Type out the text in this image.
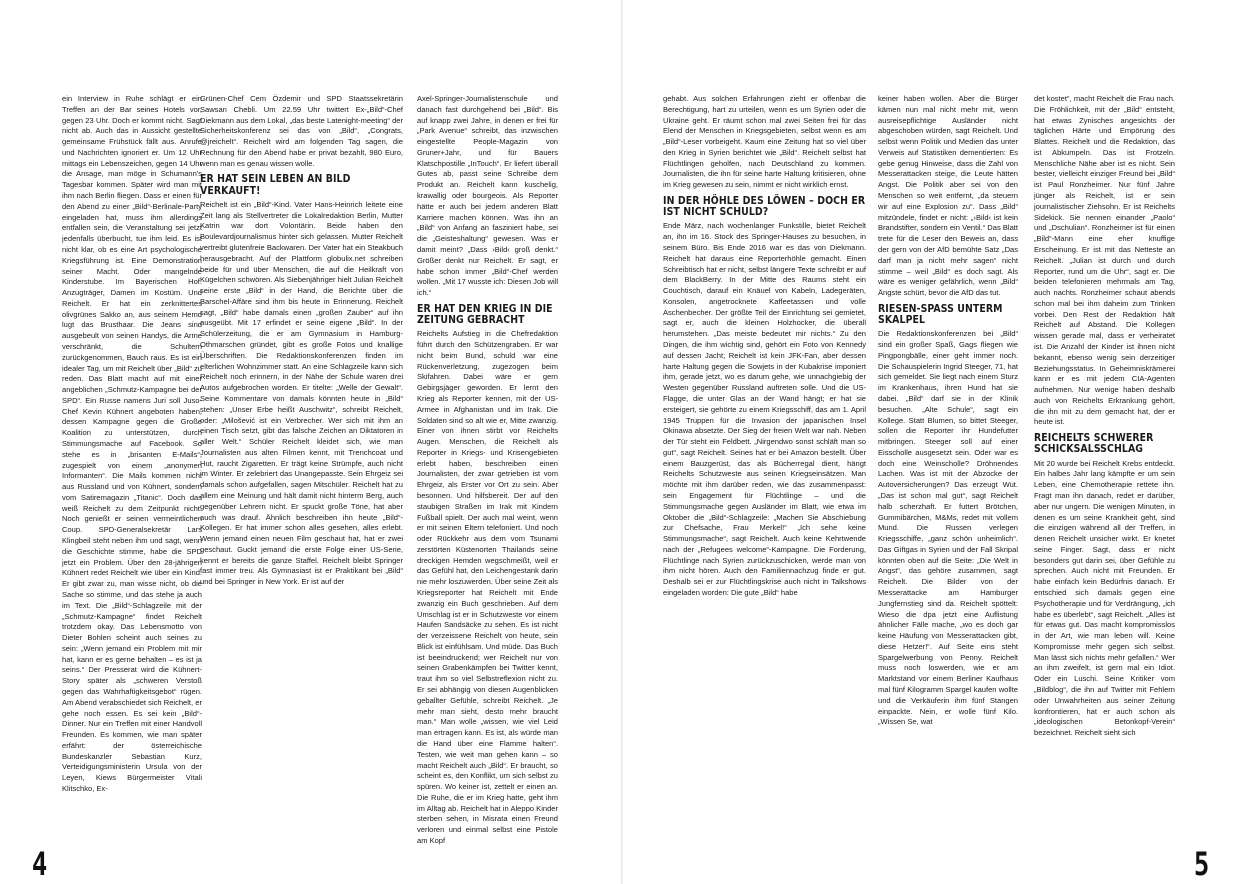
ein Interview in Ruhe schlägt er ein Treffen an der Bar seines Hotels vor, gegen 23 Uhr. Doch er kommt nicht. Sagt nicht ab. Auch das in Aussicht gestellte gemeinsame Frühstück fällt aus. Anrufe und Nachrichten ignoriert er. Um 12 Uhr mittags ein Lebenszeichen, gegen 14 Uhr die Ansage, man möge in Schumann's Tagesbar kommen. Später wird man mit ihm nach Berlin fliegen. Dass er einen für den Abend zu einer „Bild“-Berlinale-Party eingeladen hat, muss ihm allerdings entfallen sein, die Veranstaltung sei jetzt jedenfalls überbucht, tue ihm leid. Es ist nicht klar, ob es eine Art psychologische Kriegsführung ist. Eine Demonstration seiner Macht. Oder mangelnde Kinderstube. Im Bayerischen Hof. Anzugträger, Damen im Kostüm. Und Reichelt. Er hat ein zerknittertes olivgrünes Sakko an, aus seinem Hemd lugt das Brusthaar. Die Jeans sind ausgebeult von seinen Handys, die Arme verschränkt, die Schultern zurückgenommen, Bauch raus. Es ist ein idealer Tag, um mit Reichelt über „Bild“ zu reden. Das Blatt macht auf mit einer angeblichen „Schmutz-Kampagne bei der SPD“. Ein Russe namens Juri soll Juso-Chef Kevin Kühnert angeboten haben, dessen Kampagne gegen die Große Koalition zu unterstützen, durch Stimmungsmache auf Facebook. So stehe es in „brisanten E-Mails“, zugespielt von einem „anonymen Informanten“. Die Mails kommen nicht aus Russland und von Kühnert, sondern vom Satiremagazin „Titanic“. Doch das weiß Reichelt zu dem Zeitpunkt nicht. Noch genießt er seinen vermeintlichen Coup. SPD-Generalsekretär Lars Klingbeil steht neben ihm und sagt, wenn die Geschichte stimme, habe die SPD jetzt ein Problem. Über den 28-jährigen Kühnert redet Reichelt wie über ein Kind. Er gibt zwar zu, man wisse nicht, ob die Sache so stimme, und das stehe ja auch im Text. Die „Bild“-Schlagzeile mit der „Schmutz-Kampagne“ findet Reichelt trotzdem okay. Das Lebensmotto von Dieter Bohlen scheint auch seines zu sein: „Wenn jemand ein Problem mit mir hat, kann er es gerne behalten – es ist ja seins.“ Der Presserat wird die Kühnert-Story später als „schweren Verstoß gegen das Wahrhaftigkeitsgebot“ rügen. Am Abend verabschiedet sich Reichelt, er gehe noch essen. Es sei kein „Bild“-Dinner. Nur ein Treffen mit einer Handvoll Freunden. Es kommen, wie man später erfährt: der österreichische Bundeskanzler Sebastian Kurz, Verteidigungsministerin Ursula von der Leyen, Kiews Bürgermeister Vitali Klitschko, Ex-

Grünen-Chef Cem Özdemir und SPD Staatssekretärin Sawsan Chebli. Um 22.59 Uhr twittert Ex-„Bild“-Chef Diekmann aus dem Lokal, „das beste Latenight-meeting“ der Sicherheitskonferenz sei das von „Bild“, „Congrats, @jreichelt“. Reichelt wird am folgenden Tag sagen, die Rechnung für den Abend habe er privat bezahlt, 980 Euro, wenn man es genau wissen wolle.

ER HAT SEIN LEBEN AN BILD VERKAUFT!

Reichelt ist ein „Bild“-Kind. Vater Hans-Heinrich leitete eine Zeit lang als Stellvertreter die Lokalredaktion Berlin, Mutter Katrin war dort Volontärin. Beide haben den Boulevardjournalismus hinter sich gelassen. Mutter Reichelt vertreibt glutenfreie Backwaren. Der Vater hat ein Steakbuch herausgebracht. Auf der Plattform globulix.net schreiben beide für und über Menschen, die auf die Heilkraft von Kügelchen schwören. Als Siebenjähriger hielt Julian Reichelt seine erste „Bild“ in der Hand, die Berichte über die Barschel-Affäre sind ihm bis heute in Erinnerung. Reichelt sagt, „Bild“ habe damals einen „großen Zauber“ auf ihn ausgeübt. Mit 17 erfindet er seine eigene „Bild“. In der Schülerzeitung, die er am Gymnasium in Hamburg-Othmarschen gründet, gibt es große Fotos und knallige Überschriften. Die Redaktionskonferenzen finden im elterlichen Wohnzimmer statt. An eine Schlagzeile kann sich Reichelt noch erinnern, in der Nähe der Schule waren drei Autos aufgebrochen worden. Er titelte: „Welle der Gewalt“. Seine Kommentare von damals könnten heute in „Bild“ stehen: „Unser Erbe heißt Auschwitz“, schreibt Reichelt, oder: „Milošević ist ein Verbrecher. Wer sich mit ihm an einen Tisch setzt, gibt das falsche Zeichen an Diktatoren in aller Welt.“ Schüler Reichelt kleidet sich, wie man Journalisten aus alten Filmen kennt, mit Trenchcoat und Hut, raucht Zigaretten. Er trägt keine Strümpfe, auch nicht im Winter. Er zelebriert das Unangepasste. Sein Ehrgeiz sei damals schon aufgefallen, sagen Mitschüler. Reichelt hat zu allem eine Meinung und hält damit nicht hinterm Berg, auch gegenüber Lehrern nicht. Er spuckt große Töne, hat aber auch was drauf. Ähnlich beschreiben ihn heute „Bild“-Kollegen. Er hat immer schon alles gesehen, alles erlebt. Wenn jemand einen neuen Film geschaut hat, hat er zwei geschaut. Guckt jemand die erste Folge einer US-Serie, kennt er bereits die ganze Staffel. Reichelt bleibt Springer fast immer treu. Als Gymnasiast ist er Praktikant bei „Bild“ und bei Springer in New York. Er ist auf der

Axel-Springer-Journalistenschule und danach fast durchgehend bei „Bild“. Bis auf knapp zwei Jahre, in denen er frei für „Park Avenue“ schreibt, das inzwischen eingestellte People-Magazin von Gruner+Jahr, und für Bauers Klatschpostille „InTouch“. Er liefert überall Gutes ab, passt seine Schreibe dem Produkt an. Reichelt kann kuschelig, krawallig oder bourgeois. Als Reporter hätte er auch bei jedem anderen Blatt Karriere machen können. Was ihn an „Bild“ von Anfang an fasziniert habe, sei die „Geisteshaltung“ gewesen. Was er damit meint? „Dass ›Bild‹ groß denkt.“ Größer denkt nur Reichelt. Er sagt, er habe schon immer „Bild“-Chef werden wollen. „Mit 17 wusste ich: Diesen Job will ich.“

ER HAT DEN KRIEG IN DIE ZEITUNG GEBRACHT

Reichelts Aufstieg in die Chefredaktion führt durch den Schützengraben. Er war nicht beim Bund, schuld war eine Rückenverletzung, zugezogen beim Skifahren. Dabei wäre er gern Gebirgsjäger geworden. Er lernt den Krieg als Reporter kennen, mit der US-Armee in Afghanistan und im Irak. Die Soldaten sind so alt wie er, Mitte zwanzig. Einer von ihnen stirbt vor Reichelts Augen. Menschen, die Reichelt als Reporter in Kriegs- und Krisengebieten erlebt haben, beschreiben einen Journalisten, der zwar getrieben ist vom Ehrgeiz, als Erster vor Ort zu sein. Aber besonnen. Und hilfsbereit. Der auf den staubigen Straßen im Irak mit Kindern Fußball spielt. Der auch mal weint, wenn er mit seinen Eltern telefoniert. Und noch oder Rückkehr aus dem vom Tsunami zerstörten Küstenorten Thailands seine dreckigen Hemden wegschmeißt, weil er das Gefühl hat, den Leichengestank darin nie mehr loszuwerden. Über seine Zeit als Kriegsreporter hat Reichelt mit Ende zwanzig ein Buch geschrieben. Auf dem Umschlag ist er in Schutzweste vor einem Haufen Sandsäcke zu sehen. Es ist nicht der verzeissene Reichelt von heute, sein Blick ist einfühlsam. Und müde. Das Buch ist beeindruckend; wer Reichelt nur von seinen Grabenkämpfen bei Twitter kennt, traut ihm so viel Selbstreflexion nicht zu. Er sei abhängig von diesen Augenblicken geballter Gefühle, schreibt Reichelt. „Je mehr man sieht, desto mehr braucht man.“ Man wolle „wissen, wie viel Leid man ertragen kann. Es ist, als würde man die Hand über eine Flamme halten“. Testen, wie weit man gehen kann – so macht Reichelt auch „Bild“. Er braucht, so scheint es, den Konflikt, um sich selbst zu spüren. Wo keiner ist, zettelt er einen an. Die Ruhe, die er im Krieg hatte, geht ihm im Alltag ab. Reichelt hat in Aleppo Kinder sterben sehen, in Misrata einen Freund verloren und einmal selbst eine Pistole am Kopf

4

gehabt. Aus solchen Erfahrungen zieht er offenbar die Berechtigung, hart zu urteilen, wenn es um Syrien oder die Ukraine geht. Er räumt schon mal zwei Seiten frei für das Elend der Menschen in Kriegsgebieten, selbst wenn es am „Bild“-Leser vorbeigeht. Kaum eine Zeitung hat so viel über den Krieg in Syrien berichtet wie „Bild“. Reichelt selbst hat Flüchtlingen geholfen, nach Deutschland zu kommen. Journalisten, die ihn für seine harte Haltung kritisieren, ohne im Krieg gewesen zu sein, nimmt er nicht wirklich ernst.

IN DER HÖHLE DES LÖWEN – DOCH ER IST NICHT SCHULD?

Ende März, nach wochenlanger Funkstille, bietet Reichelt an, ihn im 16. Stock des Springer-Hauses zu besuchen, in seinem Büro. Bis Ende 2016 war es das von Diekmann. Reichelt hat daraus eine Reporterhöhle gemacht. Einen Schreibtisch hat er nicht, selbst längere Texte schreibt er auf dem BlackBerry. In der Mitte des Raums steht ein Couchtisch, darauf ein Knäuel von Kabeln, Ladegeräten, Konsolen, angetrocknete Kaffeetassen und volle Aschenbecher. Der größte Teil der Einrichtung sei gemietet, sagt er, auch die kleinen Holzhocker, die überall herumstehen. „Das meiste bedeutet mir nichts.“ Zu den Dingen, die ihm wichtig sind, gehört ein Foto von Kennedy auf dessen Jacht; Reichelt ist kein JFK-Fan, aber dessen harte Haltung gegen die Sowjets in der Kubakrise imponiert ihm, gerade jetzt, wo es darum gehe, wie unnachgiebig der Westen gegenüber Russland auftreten solle. Und die US-Flagge, die unter Glas an der Wand hängt; er hat sie ersteigert, sie gehörte zu einem Kriegsschiff, das am 1. April 1945 Truppen für die Invasion der japanischen Insel Okinawa absetzte. Der Sieg der freien Welt war nah. Neben der Tür steht ein Feldbett. „Nirgendwo sonst schläft man so gut“, sagt Reichelt. Seines hat er bei Amazon bestellt. Über einem Bauzgerüst, das als Bücherregal dient, hängt Reichelts Schutzweste aus seinen Kriegseinsätzen. Man möchte mit ihm darüber reden, wie das zusammenpasst: sein Engagement für Flüchtlinge – und die Stimmungsmache gegen Ausländer im Blatt, wie etwa im Oktober die „Bild“-Schlagzeile: „Machen Sie Abschiebung zur Chefsache, Frau Merkel!“ „Ich sehe keine Stimmungsmache“, sagt Reichelt. Auch keine Kehrtwende nach der „Refugees welcome“-Kampagne. Die Forderung, Flüchtlinge nach Syrien zurückzuschicken, werde man von ihm nicht hören. Auch den Familiennachzug finde er gut. Deshalb sei er zur Flüchtlingskrise auch nicht in Talkshows eingeladen worden: Die gute „Bild“ habe

keiner haben wollen. Aber die Bürger kämen nun mal nicht mehr mit, wenn ausreisepflichtige Ausländer nicht abgeschoben würden, sagt Reichelt. Und selbst wenn Politik und Medien das unter Verweis auf Statistiken dementierten: Es gebe genug Hinweise, dass die Zahl von Messerattacken steige, die Leute hätten Angst. Die Politik aber sei von den Menschen so weit entfernt, „da steuern wir auf eine Explosion zu“. Dass „Bild“ mitzündele, findet er nicht: „›Bild‹ ist kein Brandstifter, sondern ein Ventil.“ Das Blatt trete für die Leser den Beweis an, dass der gern von der AfD bemühte Satz „Das darf man ja nicht mehr sagen“ nicht stimme – weil „Bild“ es doch sagt. Als wäre es weniger gefährlich, wenn „Bild“ Ängste schürt, bevor die AfD das tut.

RIESEN-SPASS UNTERM SKALPEL

Die Redaktionskonferenzen bei „Bild“ sind ein großer Spaß, Gags fliegen wie Pingpongbälle, einer geht immer noch. Die Schauspielerin Ingrid Steeger, 71, hat sich gemeldet. Sie liegt nach einem Sturz im Krankenhaus, ihren Hund hat sie dabei. „Bild“ darf sie in der Klinik besuchen. „Alte Schule“, sagt ein Kollege. Statt Blumen, so bittet Steeger, sollen die Reporter ihr Hundefutter mitbringen. Steeger soll auf einer Eisscholle ausgesetzt sein. Oder war es doch eine Weinscholle? Dröhnendes Lachen. Was ist mit der Abzocke der Autoversicherungen? Das erzeugt Wut. „Das ist schon mal gut“, sagt Reichelt halb scherzhaft. Er futtert Brötchen, Gummibärchen, M&Ms, redet mit vollem Mund. Die Russen verlegen Kriegsschiffe, „ganz schön unheimlich“. Das Giftgas in Syrien und der Fall Skripal könnten oben auf die Seite: „Die Welt in Angst“, das gehöre zusammen, sagt Reichelt. Die Bilder von der Messerattacke am Hamburger Jungfernstieg sind da. Reichelt spöttelt: Wieso die dpa jetzt eine Auflistung ähnlicher Fälle mache, „wo es doch gar keine Häufung von Messerattacken gibt, diese Hetzer!“. Auf Seite eins steht Spargelwerbung von Penny. Reichelt muss noch loswerden, wie er am Marktstand vor einem Berliner Kaufhaus mal fünf Kilogramm Spargel kaufen wollte und die Verkäuferin ihm fünf Stangen einpackte. Nein, er wolle fünf Kilo. „Wissen Se, wat

det kostet“, macht Reichelt die Frau nach. Die Fröhlichkeit, mit der „Bild“ entsteht, hat etwas Zynisches angesichts der täglichen Härte und Empörung des Blattes. Reichelt und die Redaktion, das ist Abkumpeln. Das ist Frotzeln. Menschliche Nähe aber ist es nicht. Sein bester, vielleicht einziger Freund bei „Bild“ ist Paul Ronzheimer. Nur fünf Jahre jünger als Reichelt, ist er sein journalistischer Ziehsohn. Er ist Reichelts Sidekick. Sie nennen einander „Paolo“ und „Dschulian“. Ronzheimer ist für einen „Bild“-Mann eine eher knuffige Erscheinung. Er ist mit das Netteste an Reichelt. „Julian ist durch und durch Reporter, rund um die Uhr“, sagt er. Die beiden telefonieren mehrmals am Tag, auch nachts. Ronzheimer schaut abends schon mal bei ihm daheim zum Trinken vorbei. Den Rest der Redaktion hält Reichelt auf Abstand. Die Kollegen wissen gerade mal, dass er verheiratet ist. Die Anzahl der Kinder ist ihnen nicht bekannt, ebenso wenig sein derzeitiger Beziehungsstatus. In Geheimniskrämerei kann er es mit jedem CIA-Agenten aufnehmen. Nur wenige haben deshalb auch von Reichelts Erkrankung gehört, die ihn mit zu dem gemacht hat, der er heute ist.

REICHELTS SCHWERER SCHICKSALSSCHLAG

Mit 20 wurde bei Reichelt Krebs entdeckt. Ein halbes Jahr lang kämpfte er um sein Leben, eine Chemotherapie rettete ihn. Fragt man ihn danach, redet er darüber, aber nur ungern. Die wenigen Minuten, in denen es um seine Krankheit geht, sind die einzigen während all der Treffen, in denen Reichelt unsicher wirkt. Er knetet seine Finger. Sagt, dass er nicht besonders gut darin sei, über Gefühle zu sprechen. Auch nicht mit Freunden. Er habe einfach kein Bedürfnis danach. Er entschied sich damals gegen eine Psychotherapie und für Verdrängung, „ich habe es überlebt“, sagt Reichelt. „Alles ist für etwas gut. Das macht kompromisslos in der Art, wie man leben will. Keine Kompromisse mehr gegen sich selbst. Man lässt sich nichts mehr gefallen.“ Wer an ihm zweifelt, ist gern mal ein Idiot. Oder ein Luschi. Seine Kritiker vom „Bildblog“, die ihn auf Twitter mit Fehlern oder Unwahrheiten aus seiner Zeitung konfrontieren, hat er auch schon als „ideologischen Betonkopf-Verein“ bezeichnet. Reichelt sieht sich

5
